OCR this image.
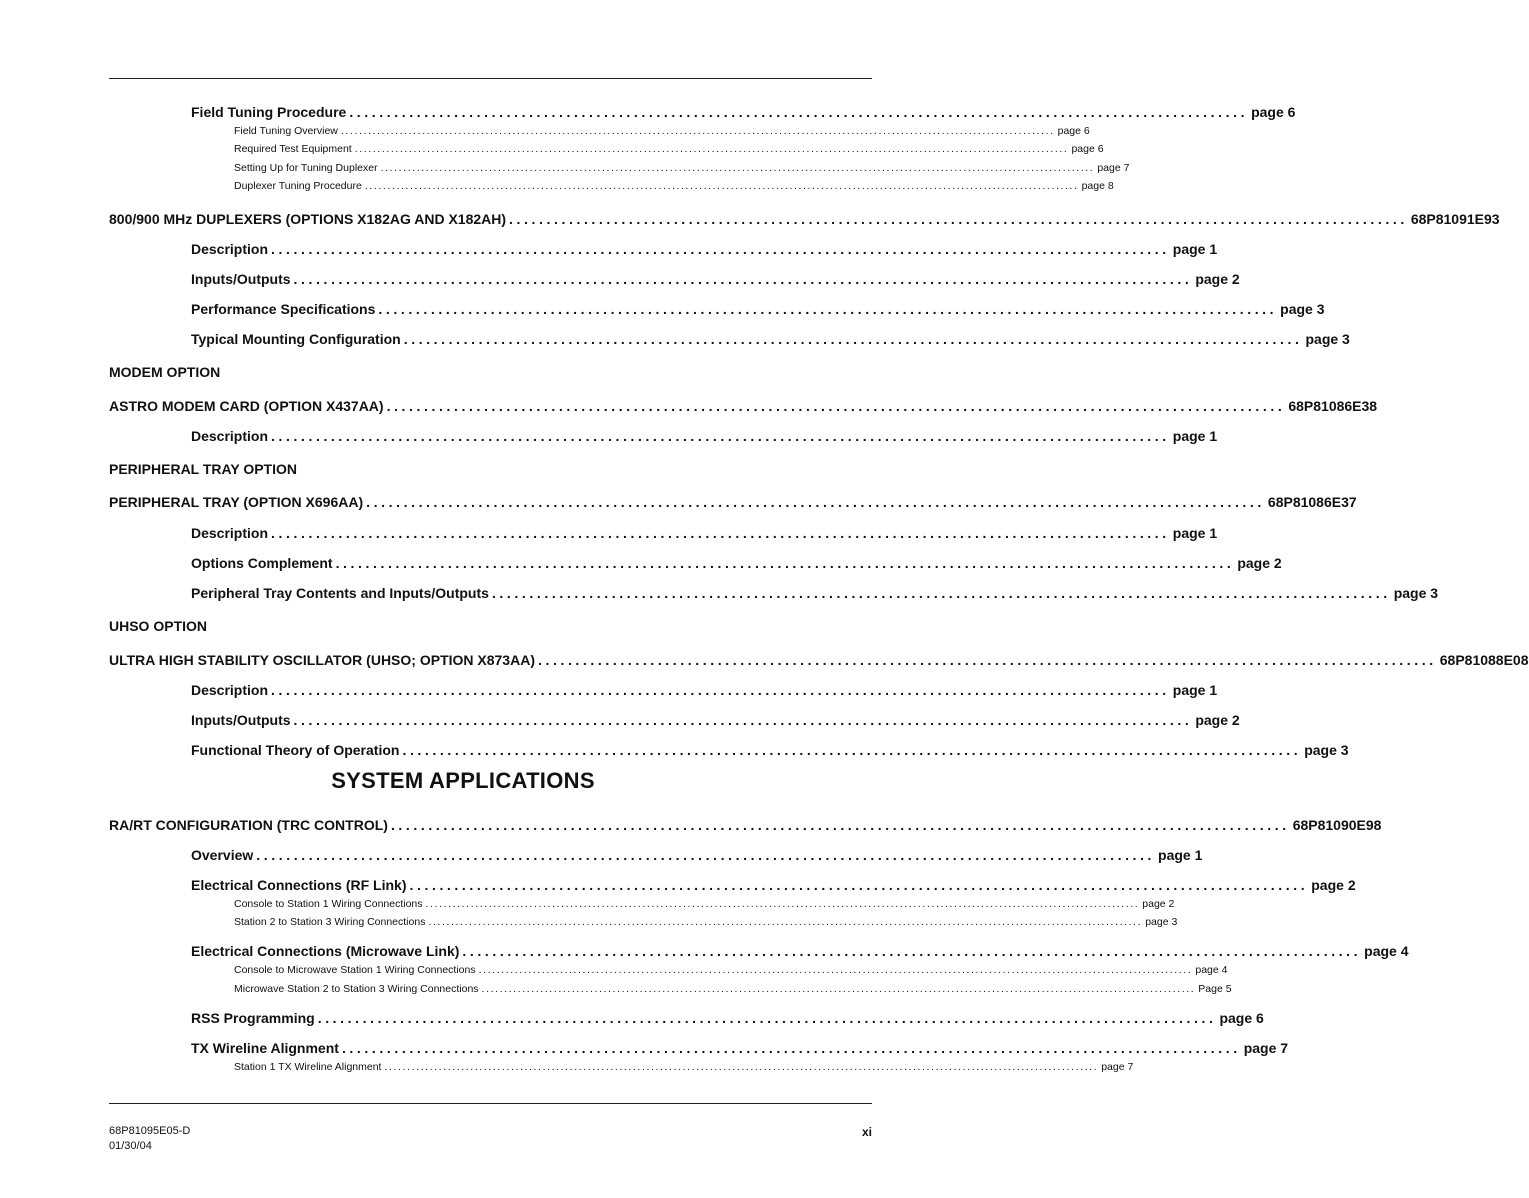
Field Tuning Procedure ........................................................................................................................ page 6
Field Tuning Overview .............................................................................................................................................................. page 6
Required Test Equipment .............................................................................................................................................................. page 6
Setting Up for Tuning Duplexer .............................................................................................................................................................. page 7
Duplexer Tuning Procedure .............................................................................................................................................................. page 8
800/900 MHz DUPLEXERS (OPTIONS X182AG AND X182AH) ........................................................................................................................ 68P81091E93
Description ........................................................................................................................ page 1
Inputs/Outputs ........................................................................................................................ page 2
Performance Specifications ........................................................................................................................ page 3
Typical Mounting Configuration ........................................................................................................................ page 3
MODEM OPTION
ASTRO MODEM CARD (OPTION X437AA) ........................................................................................................................ 68P81086E38
Description ........................................................................................................................ page 1
PERIPHERAL TRAY OPTION
PERIPHERAL TRAY (OPTION X696AA) ........................................................................................................................ 68P81086E37
Description ........................................................................................................................ page 1
Options Complement ........................................................................................................................ page 2
Peripheral Tray Contents and Inputs/Outputs ........................................................................................................................ page 3
UHSO OPTION
ULTRA HIGH STABILITY OSCILLATOR (UHSO; OPTION X873AA) ........................................................................................................................ 68P81088E08
Description ........................................................................................................................ page 1
Inputs/Outputs ........................................................................................................................ page 2
Functional Theory of Operation ........................................................................................................................ page 3
SYSTEM APPLICATIONS
RA/RT CONFIGURATION (TRC CONTROL) ........................................................................................................................ 68P81090E98
Overview ........................................................................................................................ page 1
Electrical Connections (RF Link) ........................................................................................................................ page 2
Console to Station 1 Wiring Connections .............................................................................................................................................................. page 2
Station 2 to Station 3 Wiring Connections .............................................................................................................................................................. page 3
Electrical Connections (Microwave Link) ........................................................................................................................ page 4
Console to Microwave Station 1 Wiring Connections .............................................................................................................................................................. page 4
Microwave Station 2 to Station 3 Wiring Connections .............................................................................................................................................................. Page 5
RSS Programming ........................................................................................................................ page 6
TX Wireline Alignment ........................................................................................................................ page 7
Station 1 TX Wireline Alignment .............................................................................................................................................................. page 7
68P81095E05-D
01/30/04
xi
